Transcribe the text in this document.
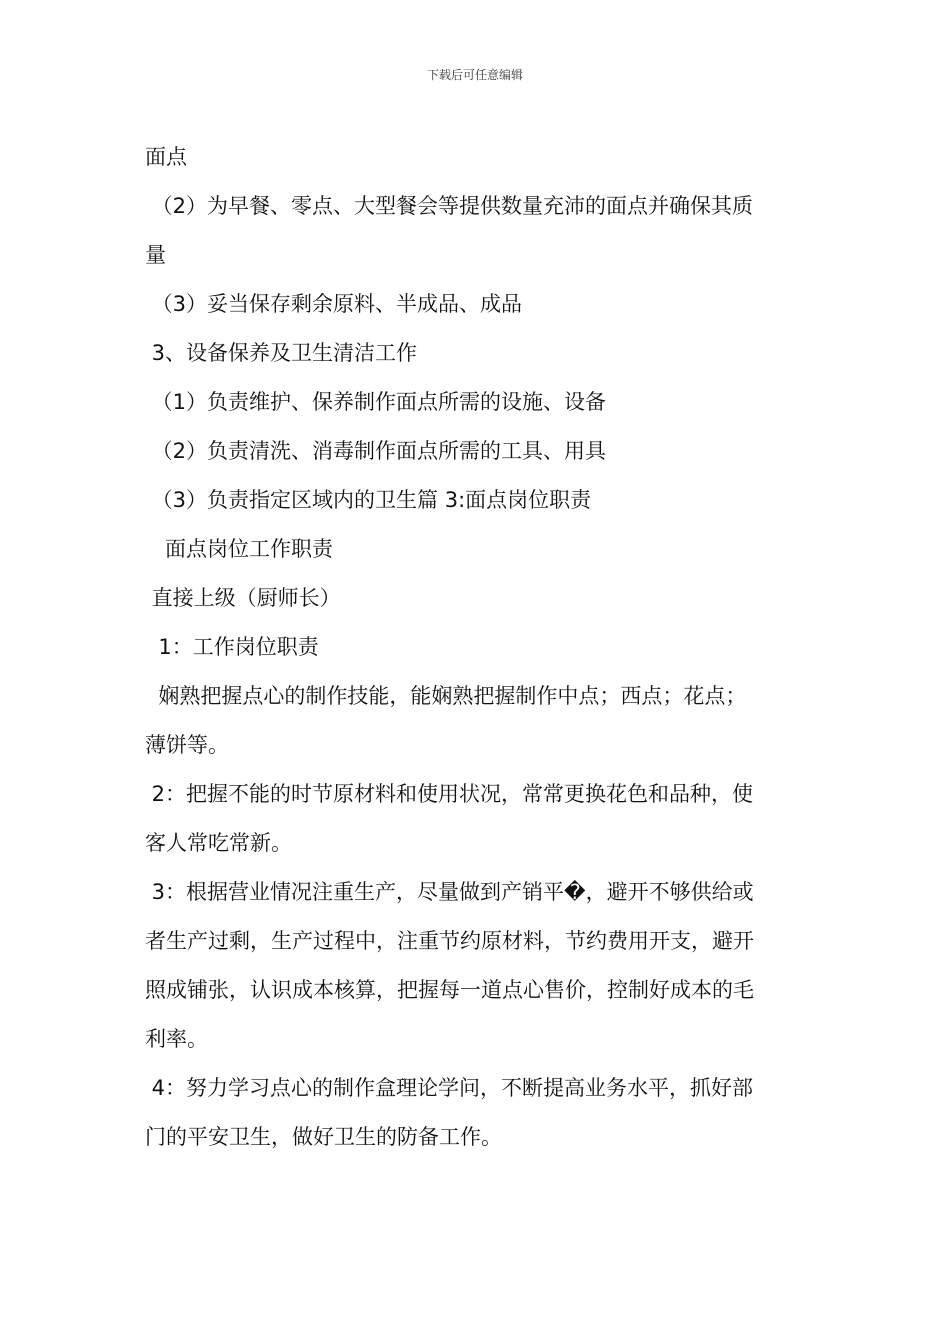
下载后可任意编辑
面点
（2）为早餐、零点、大型餐会等提供数量充沛的面点并确保其质
量
（3）妥当保存剩余原料、半成品、成品
3、设备保养及卫生清洁工作
（1）负责维护、保养制作面点所需的设施、设备
（2）负责清洗、消毒制作面点所需的工具、用具
（3）负责指定区域内的卫生篇 3:面点岗位职责
面点岗位工作职责
直接上级（厨师长）
1：工作岗位职责
娴熟把握点心的制作技能，能娴熟把握制作中点；西点；花点；
薄饼等。
2：把握不能的时节原材料和使用状况，常常更换花色和品种，使
客人常吃常新。
3：根据营业情况注重生产，尽量做到产销平�，避开不够供给或
者生产过剩，生产过程中，注重节约原材料，节约费用开支，避开
照成铺张，认识成本核算，把握每一道点心售价，控制好成本的毛
利率。
4：努力学习点心的制作盒理论学问，不断提高业务水平，抓好部
门的平安卫生，做好卫生的防备工作。
